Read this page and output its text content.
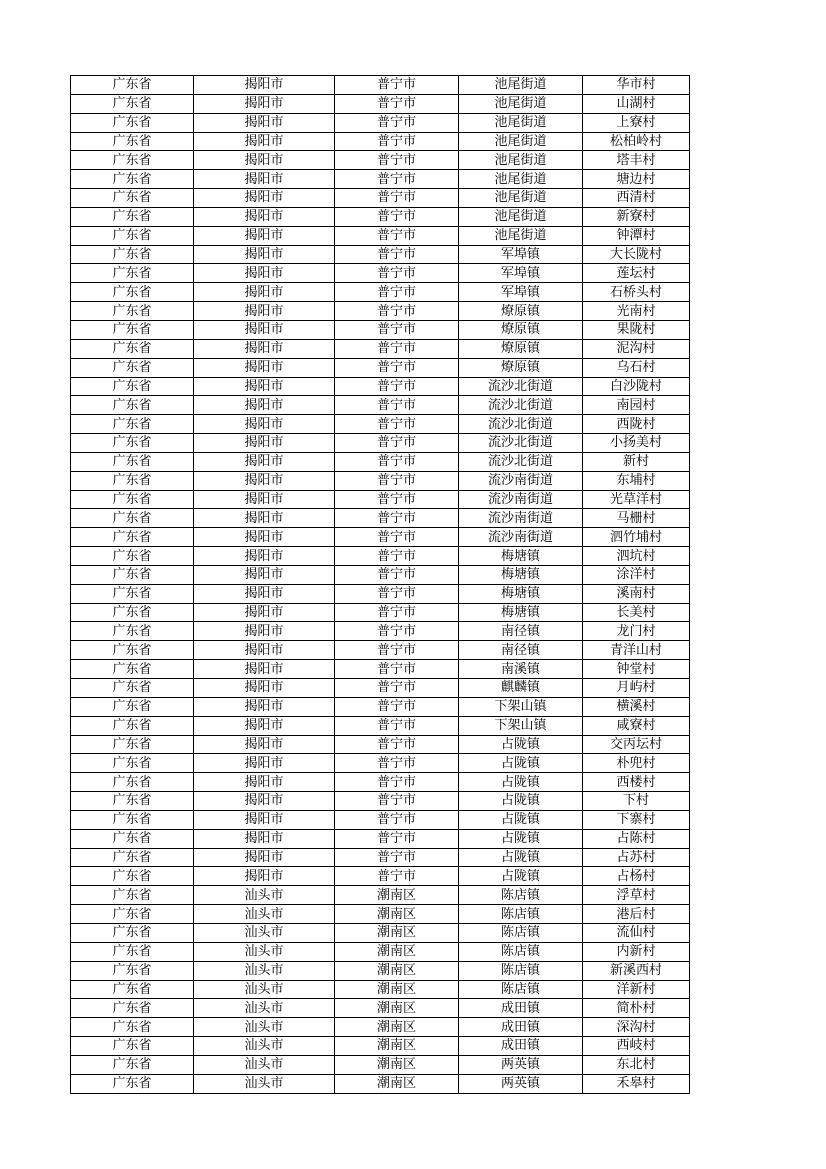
广东省	揭阳市	普宁市	池尾街道	华市村
广东省	揭阳市	普宁市	池尾街道	山湖村
广东省	揭阳市	普宁市	池尾街道	上寮村
广东省	揭阳市	普宁市	池尾街道	松柏岭村
广东省	揭阳市	普宁市	池尾街道	塔丰村
广东省	揭阳市	普宁市	池尾街道	塘边村
广东省	揭阳市	普宁市	池尾街道	西清村
广东省	揭阳市	普宁市	池尾街道	新寮村
广东省	揭阳市	普宁市	池尾街道	钟潭村
广东省	揭阳市	普宁市	军埠镇	大长陇村
广东省	揭阳市	普宁市	军埠镇	莲坛村
广东省	揭阳市	普宁市	军埠镇	石桥头村
广东省	揭阳市	普宁市	燎原镇	光南村
广东省	揭阳市	普宁市	燎原镇	果陇村
广东省	揭阳市	普宁市	燎原镇	泥沟村
广东省	揭阳市	普宁市	燎原镇	乌石村
广东省	揭阳市	普宁市	流沙北街道	白沙陇村
广东省	揭阳市	普宁市	流沙北街道	南园村
广东省	揭阳市	普宁市	流沙北街道	西陇村
广东省	揭阳市	普宁市	流沙北街道	小扬美村
广东省	揭阳市	普宁市	流沙北街道	新村
广东省	揭阳市	普宁市	流沙南街道	东埔村
广东省	揭阳市	普宁市	流沙南街道	光草洋村
广东省	揭阳市	普宁市	流沙南街道	马栅村
广东省	揭阳市	普宁市	流沙南街道	泗竹埔村
广东省	揭阳市	普宁市	梅塘镇	泗坑村
广东省	揭阳市	普宁市	梅塘镇	涂洋村
广东省	揭阳市	普宁市	梅塘镇	溪南村
广东省	揭阳市	普宁市	梅塘镇	长美村
广东省	揭阳市	普宁市	南径镇	龙门村
广东省	揭阳市	普宁市	南径镇	青洋山村
广东省	揭阳市	普宁市	南溪镇	钟堂村
广东省	揭阳市	普宁市	麒麟镇	月屿村
广东省	揭阳市	普宁市	下架山镇	横溪村
广东省	揭阳市	普宁市	下架山镇	咸寮村
广东省	揭阳市	普宁市	占陇镇	交丙坛村
广东省	揭阳市	普宁市	占陇镇	朴兜村
广东省	揭阳市	普宁市	占陇镇	西楼村
广东省	揭阳市	普宁市	占陇镇	下村
广东省	揭阳市	普宁市	占陇镇	下寨村
广东省	揭阳市	普宁市	占陇镇	占陈村
广东省	揭阳市	普宁市	占陇镇	占苏村
广东省	揭阳市	普宁市	占陇镇	占杨村
广东省	汕头市	潮南区	陈店镇	浮草村
广东省	汕头市	潮南区	陈店镇	港后村
广东省	汕头市	潮南区	陈店镇	流仙村
广东省	汕头市	潮南区	陈店镇	内新村
广东省	汕头市	潮南区	陈店镇	新溪西村
广东省	汕头市	潮南区	陈店镇	洋新村
广东省	汕头市	潮南区	成田镇	简朴村
广东省	汕头市	潮南区	成田镇	深沟村
广东省	汕头市	潮南区	成田镇	西岐村
广东省	汕头市	潮南区	两英镇	东北村
广东省	汕头市	潮南区	两英镇	禾皋村
